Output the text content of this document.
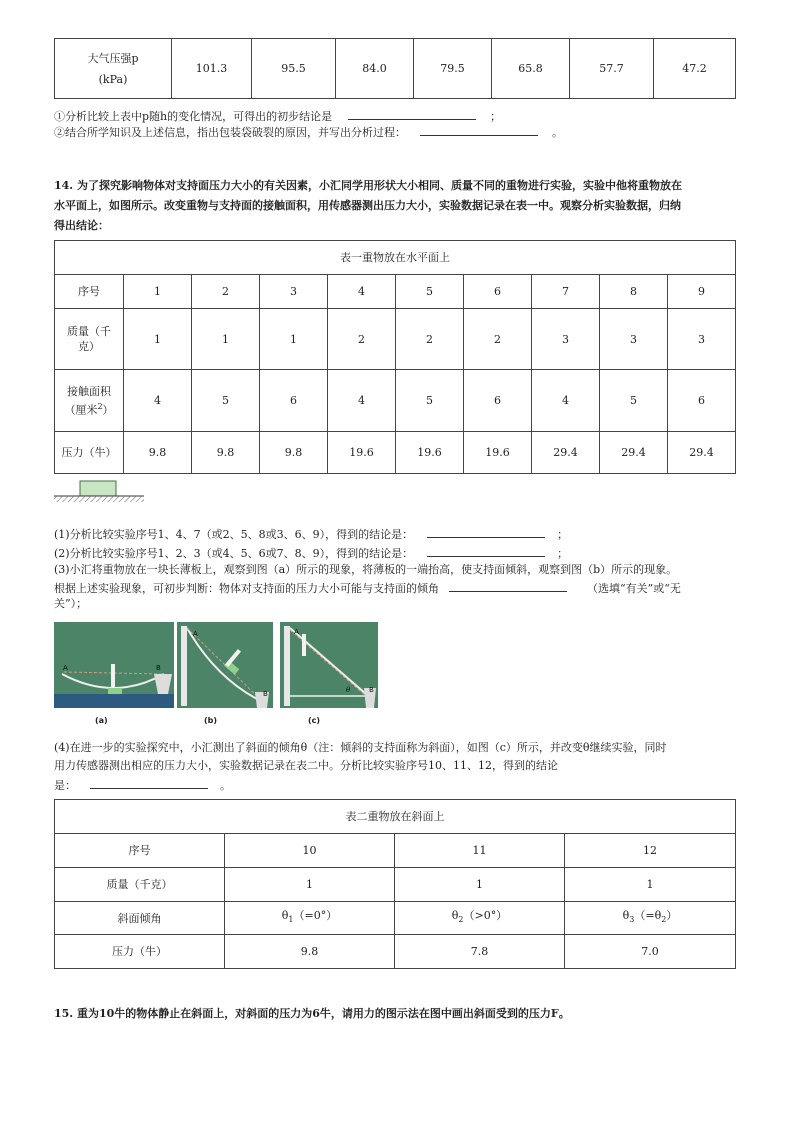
大气压强p
(kPa)
	101.3	95.5	84.0	79.5	65.8	57.7	47.2
①分析比较上表中p随h的变化情况，可得出的初步结论是	；
②结合所学知识及上述信息，指出包装袋破裂的原因，并写出分析过程：	。
14. 为了探究影响物体对支持面压力大小的有关因素，小汇同学用形状大小相同、质量不同的重物进行实验，实验中他将重物放在
水平面上，如图所示。改变重物与支持面的接触面积，用传感器测出压力大小，实验数据记录在表一中。观察分析实验数据，归纳
得出结论：
表一重物放在水平面上									
序号	1	2	3	4	5	6	7	8	9

质量（千
克）	1	1	1	2	2	2	3	3	3

接触面积
（厘米$^2$）	4	5	6	4	5	6	4	5	6
压力（牛）	9.8	9.8	9.8	19.6	19.6	19.6	29.4	29.4	29.4
(1)分析比较实验序号1、4、7（或2、5、8或3、6、9），得到的结论是：	；
(2)分析比较实验序号1、2、3（或4、5、6或7、8、9），得到的结论是：	；
(3)小汇将重物放在一块长薄板上，观察到图（a）所示的现象，将薄板的一端抬高，使支持面倾斜，观察到图（b）所示的现象。
根据上述实验现象，可初步判断：物体对支持面的压力大小可能与支持面的倾角	（选填“有关”或“无
关”）；
A	B
A
B
A
B
θ
(a)	(b)	(c)
(4)在进一步的实验探究中，小汇测出了斜面的倾角θ（注：倾斜的支持面称为斜面），如图（c）所示，并改变θ继续实验，同时
用力传感器测出相应的压力大小，实验数据记录在表二中。分析比较实验序号10、11、12，得到的结论
是：	。
表二重物放在斜面上			
序号	10	11	12
质量（千克）	1	1	1
斜面倾角	$\theta_1(=0^\circ)$	$\theta_2(>0^\circ)$	$\theta_3(=\theta_2)$
压力（牛）	9.8	7.8	7.0
15. 重为10牛的物体静止在斜面上，对斜面的压力为6牛，请用力的图示法在图中画出斜面受到的压力F。
